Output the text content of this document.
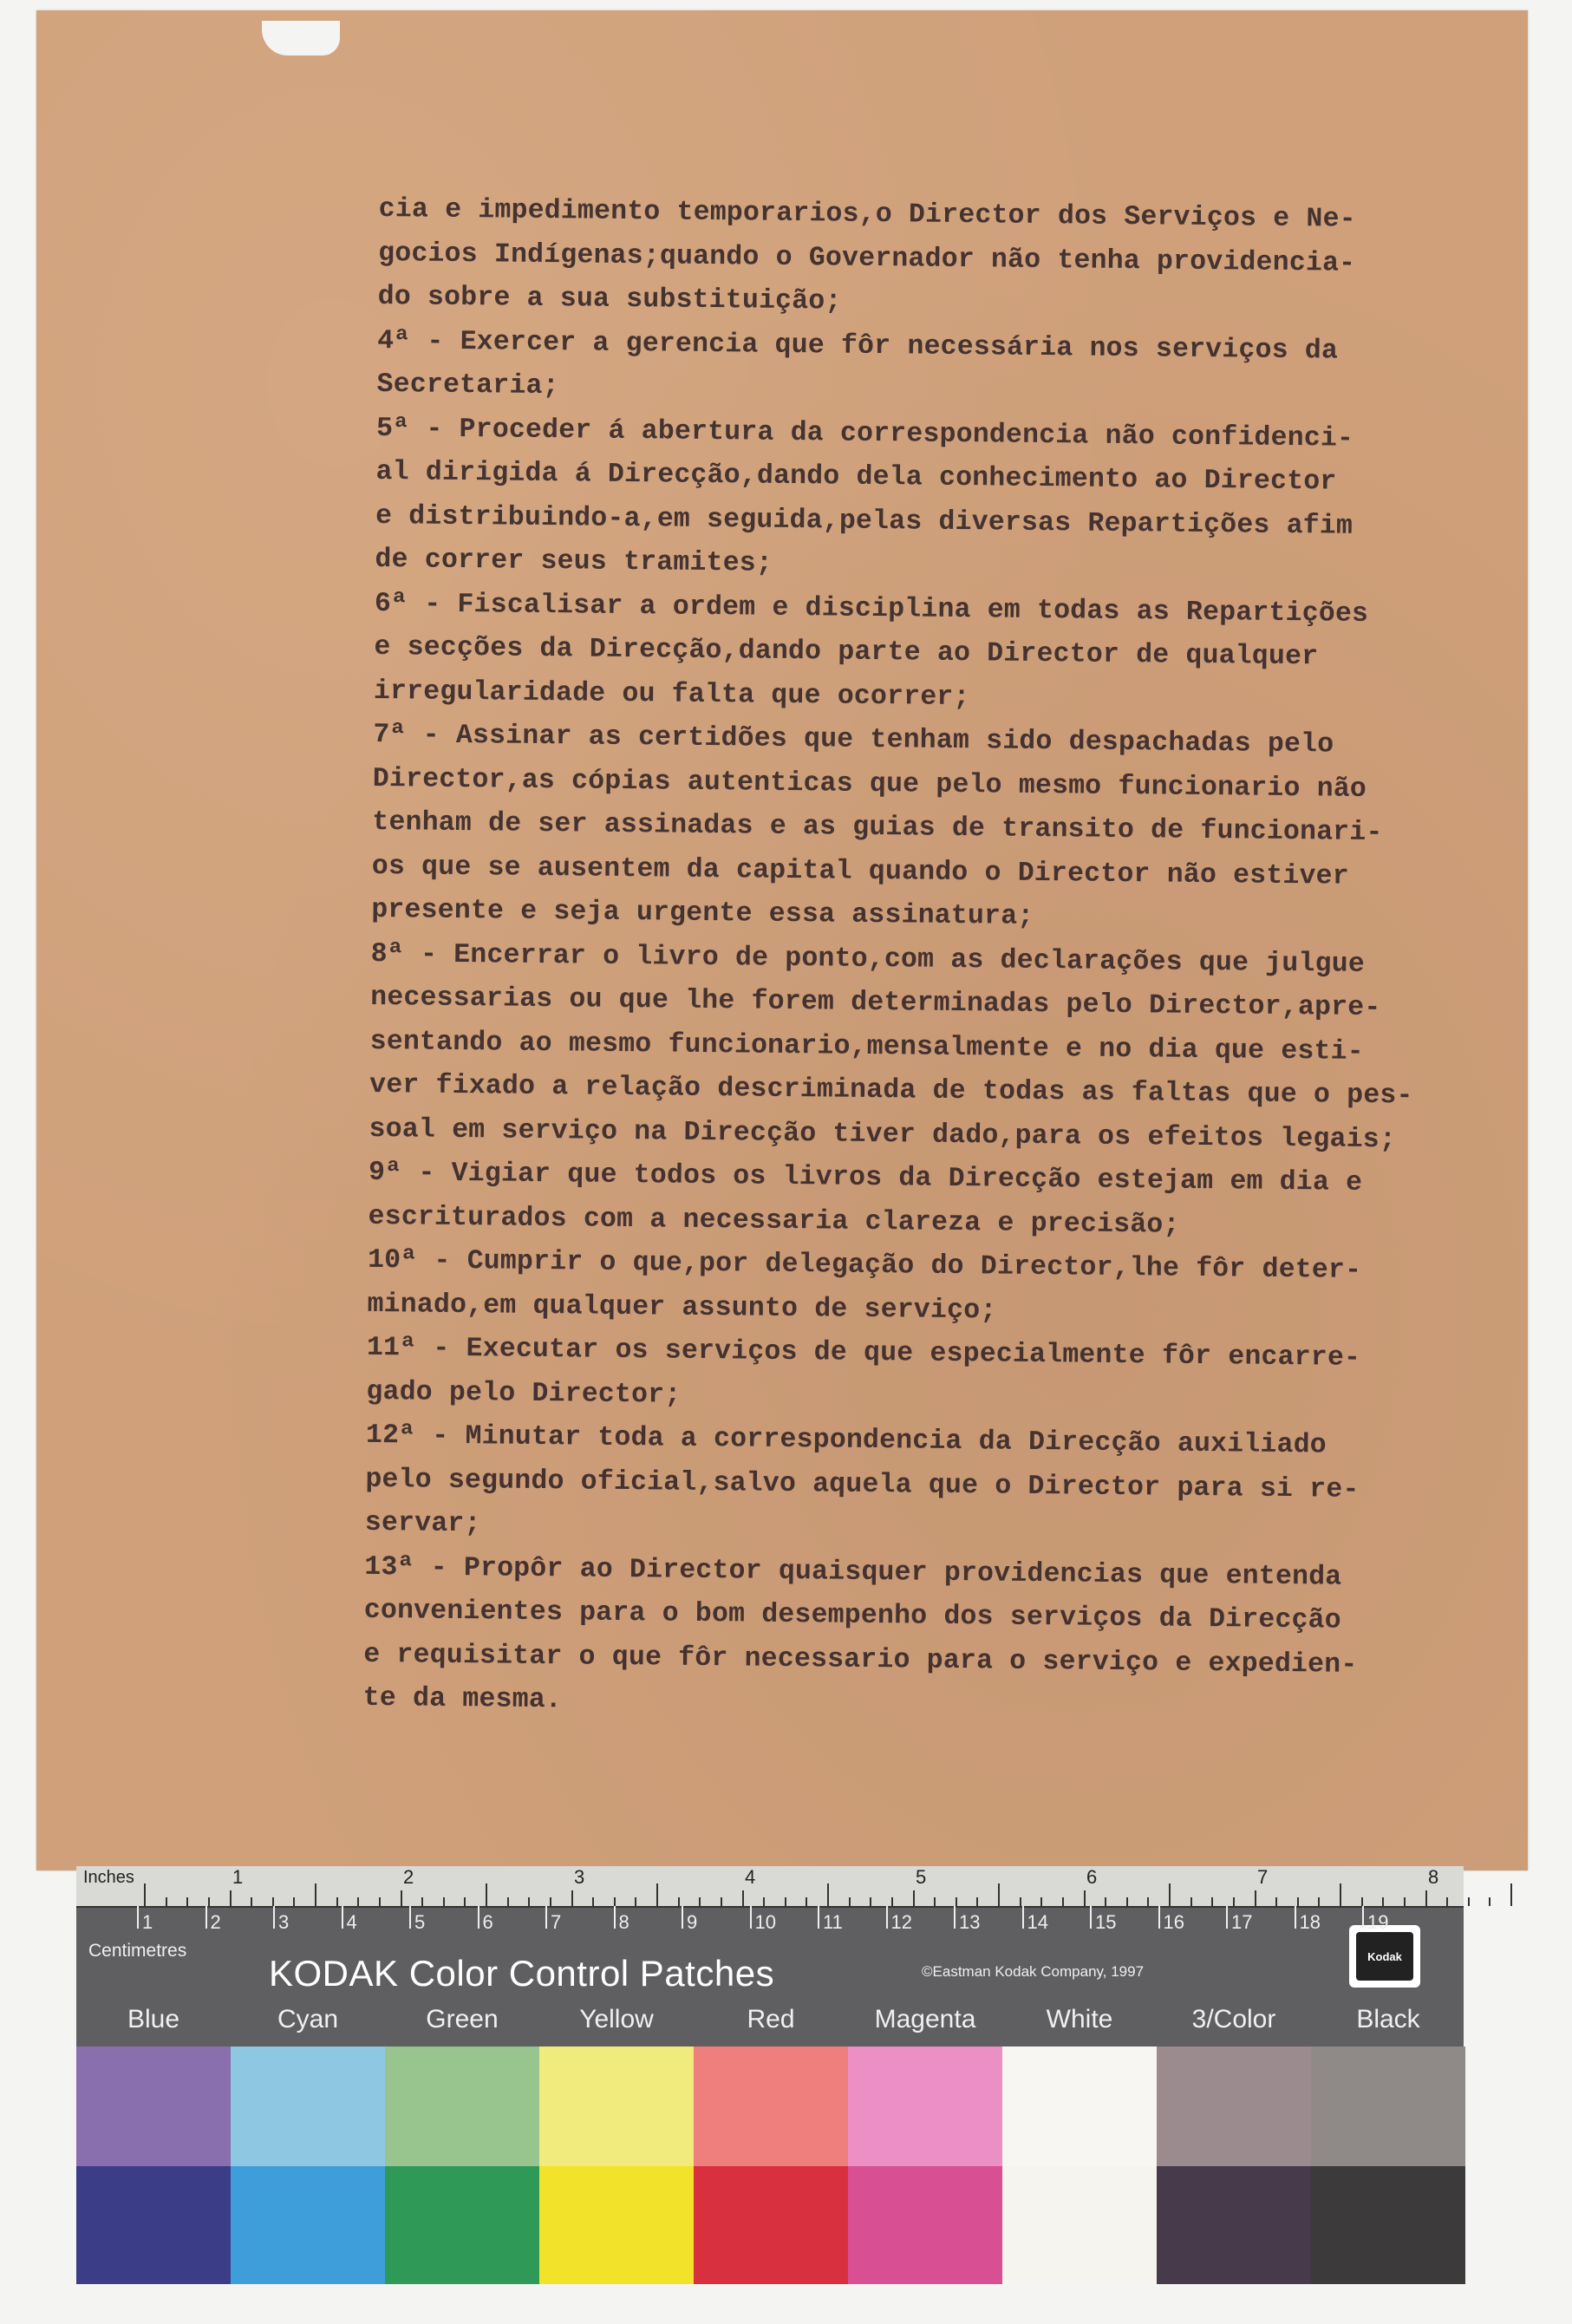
cia e impedimento temporarios,o Director dos Serviços e Ne-
gocios Indígenas;quando o Governador não tenha providencia-
do sobre a sua substituição;
4ª - Exercer a gerencia que fôr necessária nos serviços da
Secretaria;
5ª - Proceder á abertura da correspondencia não confidenci-
al dirigida á Direcção,dando dela conhecimento ao Director
e distribuindo-a,em seguida,pelas diversas Repartições afim
de correr seus tramites;
6ª - Fiscalisar a ordem e disciplina em todas as Repartições
e secções da Direcção,dando parte ao Director de qualquer
irregularidade ou falta que ocorrer;
7ª - Assinar as certidões que tenham sido despachadas pelo
Director,as cópias autenticas que pelo mesmo funcionario não
tenham de ser assinadas e as guias de transito de funcionari-
os que se ausentem da capital quando o Director não estiver
presente e seja urgente essa assinatura;
8ª - Encerrar o livro de ponto,com as declarações que julgue
necessarias ou que lhe forem determinadas pelo Director,apre-
sentando ao mesmo funcionario,mensalmente e no dia que esti-
ver fixado a relação descriminada de todas as faltas que o pes-
soal em serviço na Direcção tiver dado,para os efeitos legais;
9ª - Vigiar que todos os livros da Direcção estejam em dia e
escriturados com a necessaria clareza e precisão;
10ª - Cumprir o que,por delegação do Director,lhe fôr deter-
minado,em qualquer assunto de serviço;
11ª - Executar os serviços de que especialmente fôr encarre-
gado pelo Director;
12ª - Minutar toda a correspondencia da Direcção auxiliado
pelo segundo oficial,salvo aquela que o Director para si re-
servar;
13ª - Propôr ao Director quaisquer providencias que entenda
convenientes para o bom desempenho dos serviços da Direcção
e requisitar o que fôr necessario para o serviço e expedien-
te da mesma.
Inches	1	2	3	4	5	6	7	8
Centimetres
KODAK Color Control Patches	©Eastman Kodak Company, 1997
Kodak
1	2	3	4	5	6	7	8	9	10 11	12 13 14 15 16 17 18 19
Blue	Cyan	Green	Yellow	Red	Magenta	White	3/Color	Black
